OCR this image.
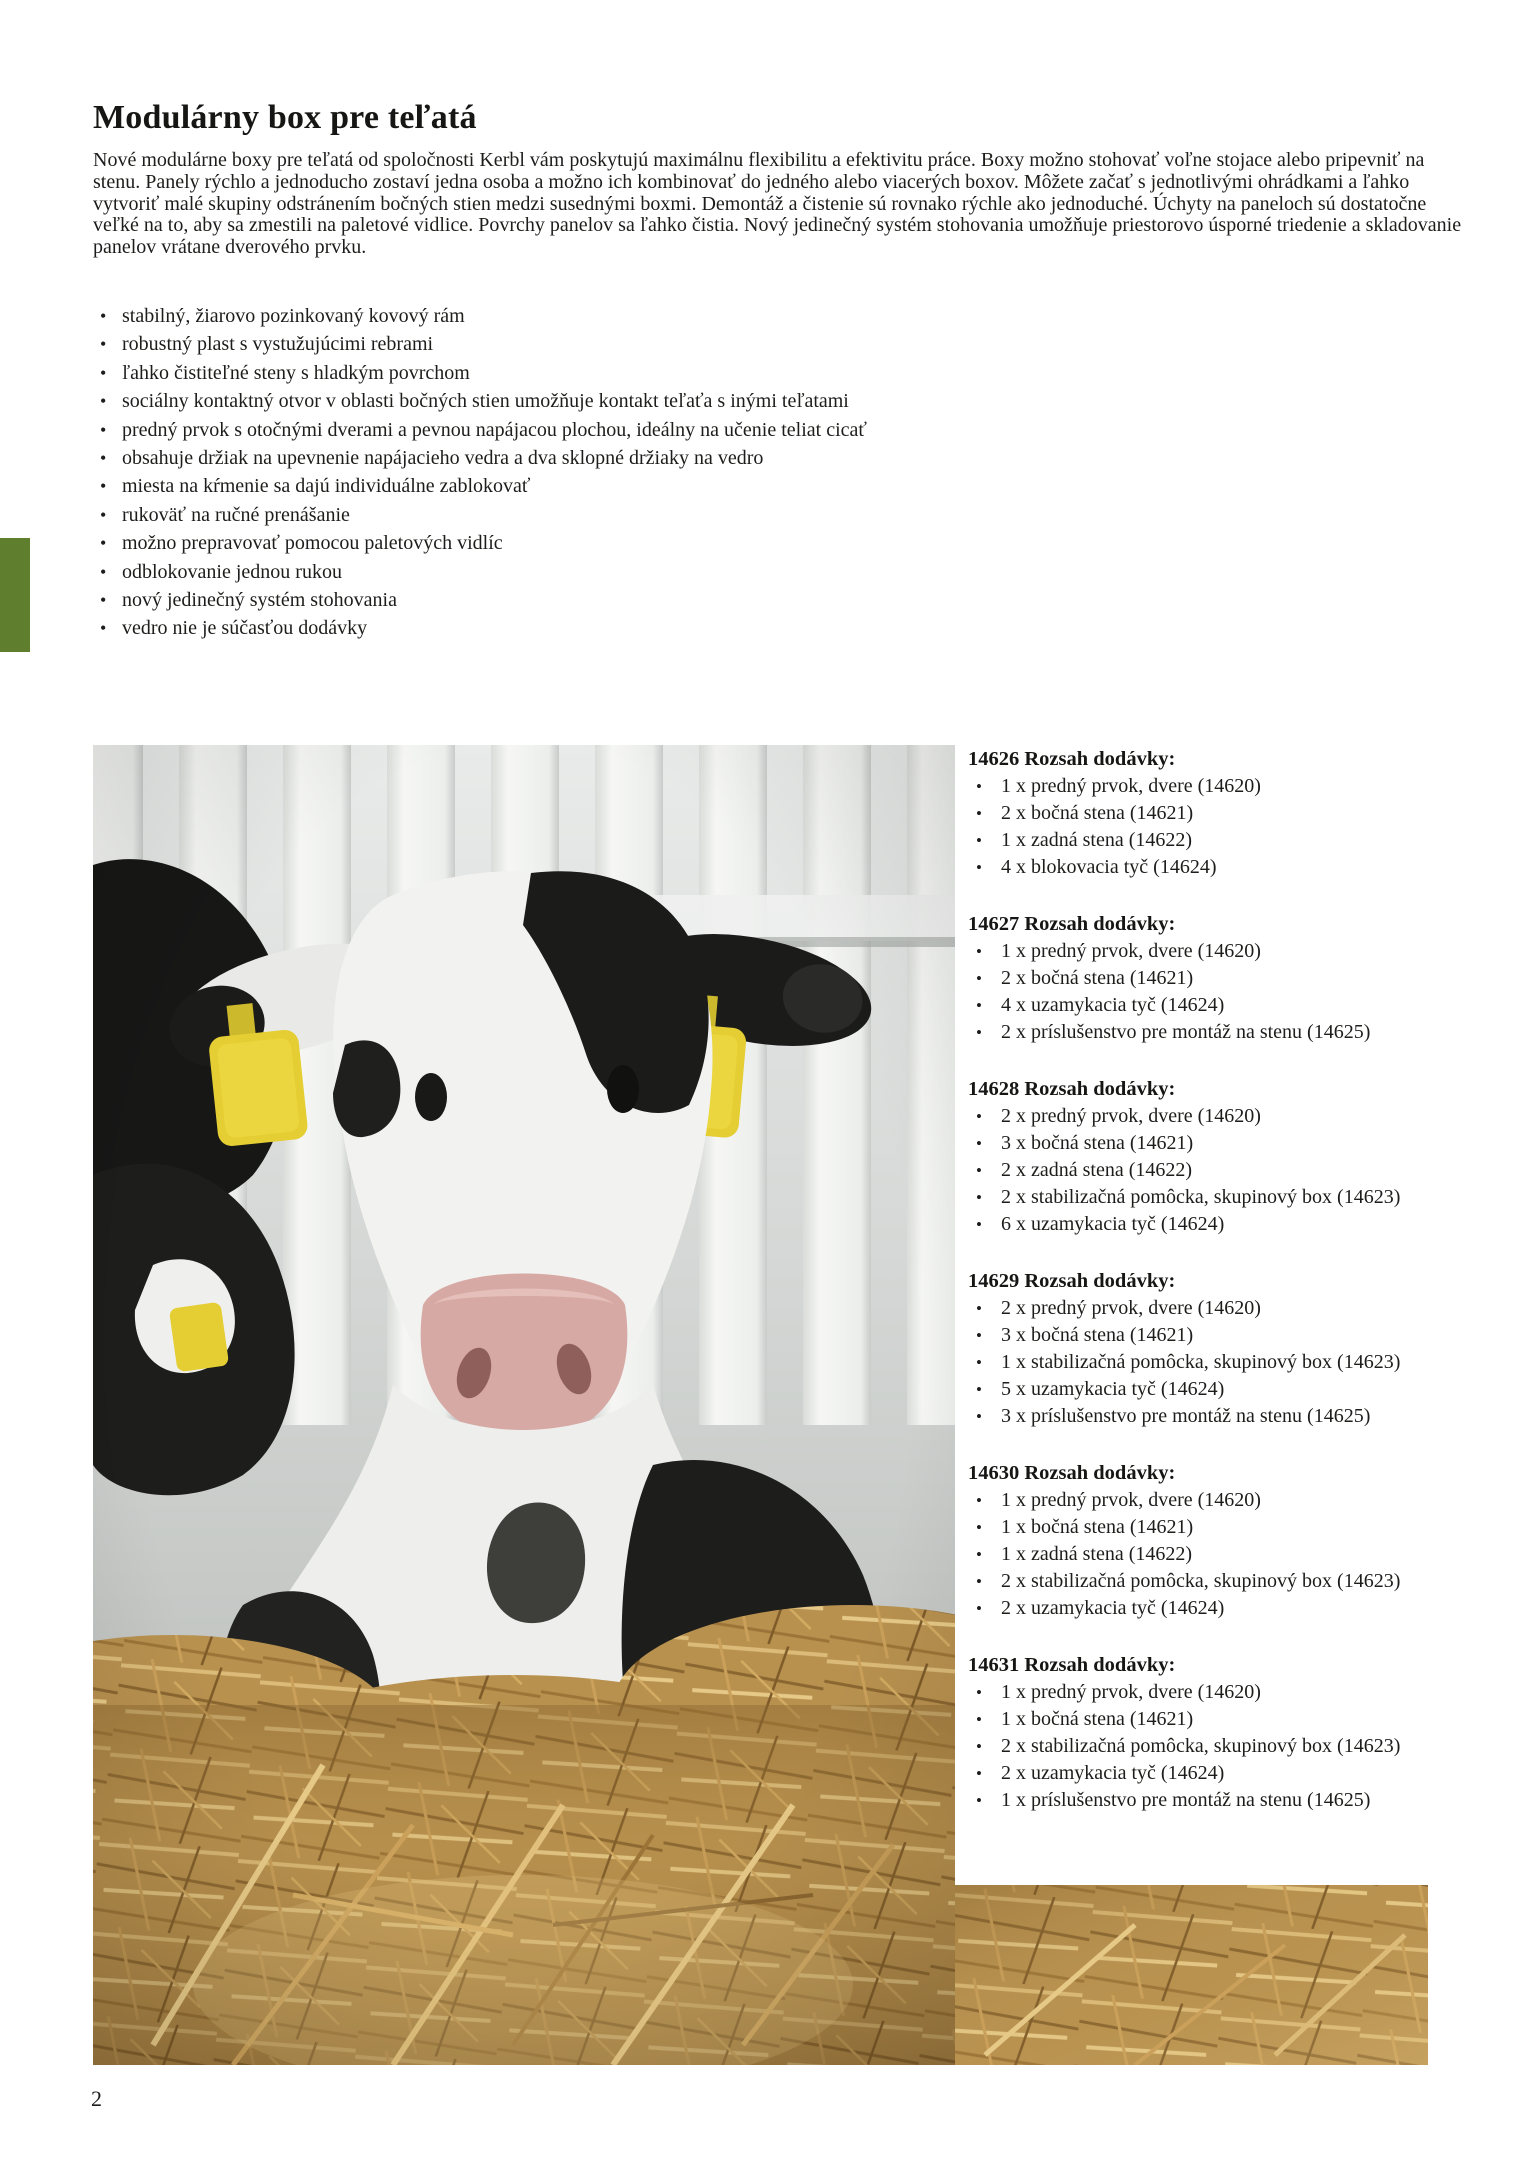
Modulárny box pre teľatá

Nové modulárne boxy pre teľatá od spoločnosti Kerbl vám poskytujú maximálnu flexibilitu a efektivitu práce. Boxy možno stohovať voľne stojace alebo pripevniť na stenu. Panely rýchlo a jednoducho zostaví jedna osoba a možno ich kombinovať do jedného alebo viacerých boxov. Môžete začať s jednotlivými ohrádkami a ľahko vytvoriť malé skupiny odstránením bočných stien medzi susednými boxmi. Demontáž a čistenie sú rovnako rýchle ako jednoduché. Úchyty na paneloch sú dostatočne veľké na to, aby sa zmestili na paletové vidlice. Povrchy panelov sa ľahko čistia. Nový jedinečný systém stohovania umožňuje priestorovo úsporné triedenie a skladovanie panelov vrátane dverového prvku.

• stabilný, žiarovo pozinkovaný kovový rám
• robustný plast s vystužujúcimi rebrami
• ľahko čistiteľné steny s hladkým povrchom
• sociálny kontaktný otvor v oblasti bočných stien umožňuje kontakt teľaťa s inými teľatami
• predný prvok s otočnými dverami a pevnou napájacou plochou, ideálny na učenie teliat cicať
• obsahuje držiak na upevnenie napájacieho vedra a dva sklopné držiaky na vedro
• miesta na kŕmenie sa dajú individuálne zablokovať
• rukoväť na ručné prenášanie
• možno prepravovať pomocou paletových vidlíc
• odblokovanie jednou rukou
• nový jedinečný systém stohovania
• vedro nie je súčasťou dodávky
14626 Rozsah dodávky:
• 1 x predný prvok, dvere (14620)
• 2 x bočná stena (14621)
• 1 x zadná stena (14622)
• 4 x blokovacia tyč (14624)
14627 Rozsah dodávky:
• 1 x predný prvok, dvere (14620)
• 2 x bočná stena (14621)
• 4 x uzamykacia tyč (14624)
• 2 x príslušenstvo pre montáž na stenu (14625)
14628 Rozsah dodávky:
• 2 x predný prvok, dvere (14620)
• 3 x bočná stena (14621)
• 2 x zadná stena (14622)
• 2 x stabilizačná pomôcka, skupinový box (14623)
• 6 x uzamykacia tyč (14624)
14629 Rozsah dodávky:
• 2 x predný prvok, dvere (14620)
• 3 x bočná stena (14621)
• 1 x stabilizačná pomôcka, skupinový box (14623)
• 5 x uzamykacia tyč (14624)
• 3 x príslušenstvo pre montáž na stenu (14625)
14630 Rozsah dodávky:
• 1 x predný prvok, dvere (14620)
• 1 x bočná stena (14621)
• 1 x zadná stena (14622)
• 2 x stabilizačná pomôcka, skupinový box (14623)
• 2 x uzamykacia tyč (14624)
14631 Rozsah dodávky:
• 1 x predný prvok, dvere (14620)
• 1 x bočná stena (14621)
• 2 x stabilizačná pomôcka, skupinový box (14623)
• 2 x uzamykacia tyč (14624)
• 1 x príslušenstvo pre montáž na stenu (14625)
2
